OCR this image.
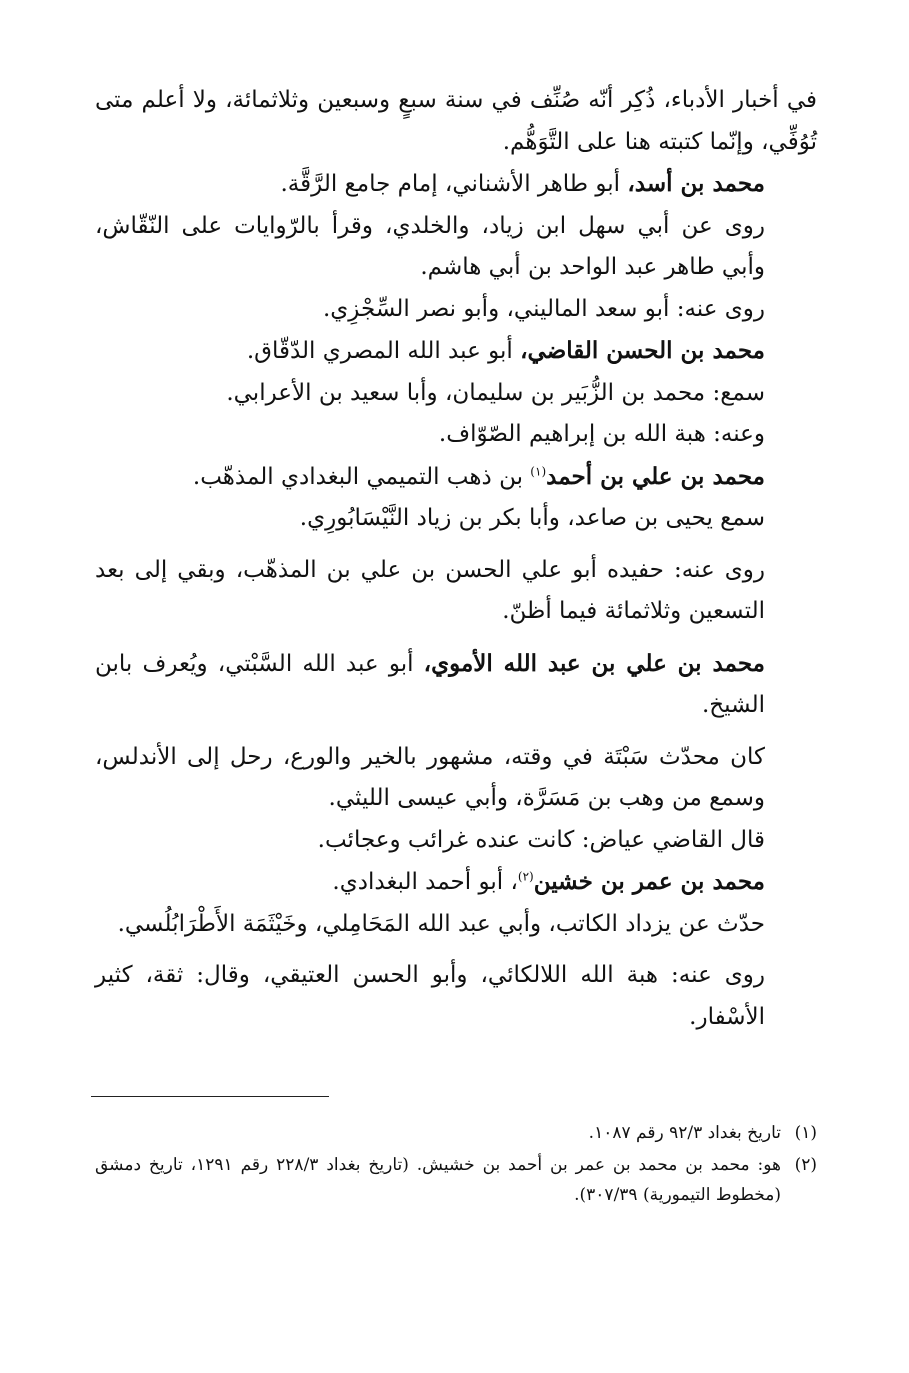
في أخبار الأدباء، ذُكِر أنّه صُنِّف في سنة سبعٍ وسبعين وثلاثمائة، ولا أعلم متى تُوُفِّي، وإنّما كتبته هنا على التَّوَهُّم.

محمد بن أسد، أبو طاهر الأشناني، إمام جامع الرَّقَّة.

روى عن أبي سهل ابن زياد، والخلدي، وقرأ بالرّوايات على النّقّاش، وأبي طاهر عبد الواحد بن أبي هاشم.

روى عنه: أبو سعد الماليني، وأبو نصر السِّجْزِي.

محمد بن الحسن القاضي، أبو عبد الله المصري الدّقّاق.

سمع: محمد بن الزُّبَير بن سليمان، وأبا سعيد بن الأعرابي.

وعنه: هبة الله بن إبراهيم الصّوّاف.

محمد بن علي بن أحمد$^{(١)}$ بن ذهب التميمي البغدادي المذهّب.

سمع يحيى بن صاعد، وأبا بكر بن زياد النَّيْسَابُورِي.

روى عنه: حفيده أبو علي الحسن بن علي بن المذهّب، وبقي إلى بعد التسعين وثلاثمائة فيما أظنّ.

محمد بن علي بن عبد الله الأموي، أبو عبد الله السَّبْتي، ويُعرف بابن الشيخ.

كان محدّث سَبْتَة في وقته، مشهور بالخير والورع، رحل إلى الأندلس، وسمع من وهب بن مَسَرَّة، وأبي عيسى الليثي.

قال القاضي عياض: كانت عنده غرائب وعجائب.

محمد بن عمر بن خشين$^{(٢)}$، أبو أحمد البغدادي.

حدّث عن يزداد الكاتب، وأبي عبد الله المَحَامِلي، وخَيْثَمَة الأَطْرَابُلُسي.

روى عنه: هبة الله اللالكائي، وأبو الحسن العتيقي، وقال: ثقة، كثير الأسْفار.

(١)تاريخ بغداد ٩٢/٣ رقم ١٠٨٧.

(٢)هو: محمد بن محمد بن عمر بن أحمد بن خشيش. (تاريخ بغداد ٢٢٨/٣ رقم ١٢٩١، تاريخ دمشق (مخطوط التيمورية) ٣٠٧/٣٩).
